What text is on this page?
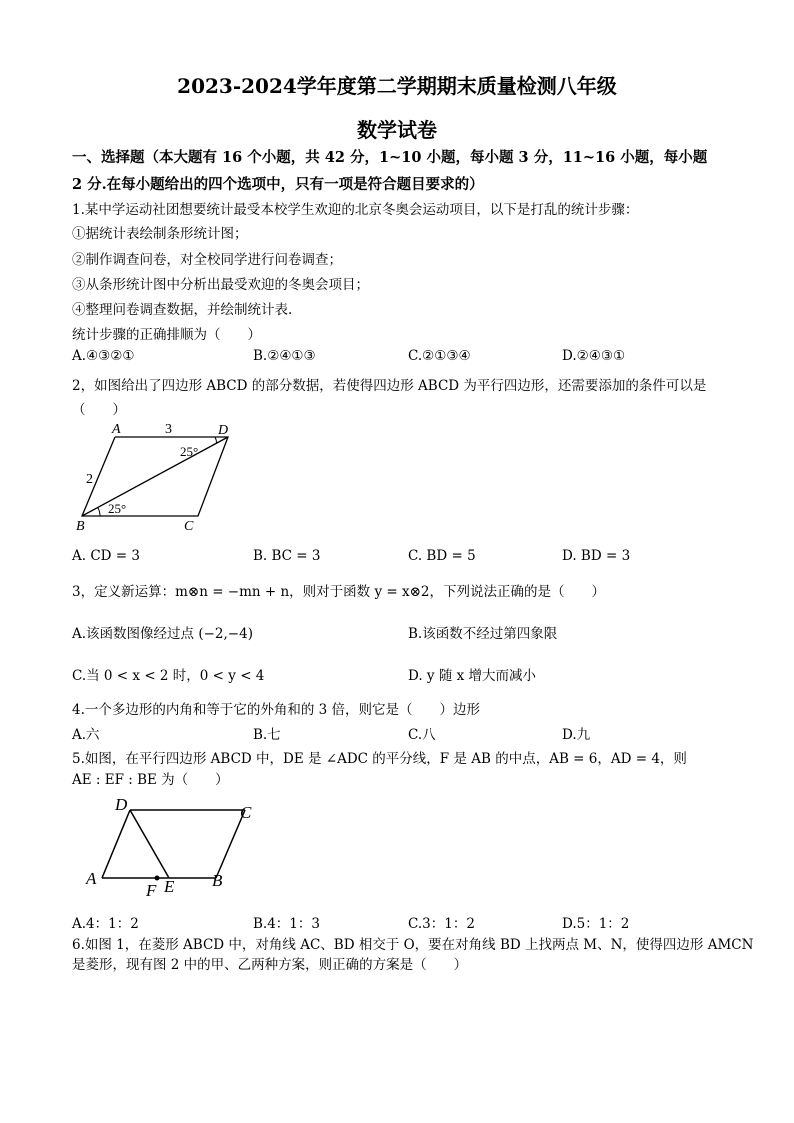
2023-2024学年度第二学期期末质量检测八年级
数学试卷
一、选择题（本大题有 16 个小题，共 42 分，1~10 小题，每小题 3 分，11~16 小题，每小题
2 分.在每小题给出的四个选项中，只有一项是符合题目要求的）
1.某中学运动社团想要统计最受本校学生欢迎的北京冬奥会运动项目，以下是打乱的统计步骤：
①据统计表绘制条形统计图；
②制作调查问卷，对全校同学进行问卷调查；
③从条形统计图中分析出最受欢迎的冬奥会项目；
④整理问卷调查数据，并绘制统计表.
统计步骤的正确排顺为（　　）
A.④③②①	B.②④①③	C.②①③④	D.②④③①
2，如图给出了四边形 ABCD 的部分数据，若使得四边形 ABCD 为平行四边形，还需要添加的条件可以是
（　　）
A	D
B	C
3
2
25°
25°
A. CD = 3	B. BC = 3	C. BD = 5	D. BD = 3
3，定义新运算：m⊗n = −mn + n，则对于函数 y = x⊗2，下列说法正确的是（　　）
A.该函数图像经过点 (−2,−4)	B.该函数不经过第四象限
C.当 0 < x < 2 时，0 < y < 4	D. y 随 x 增大而减小
4.一个多边形的内角和等于它的外角和的 3 倍，则它是（　　）边形
A.六	B.七	C.八	D.九
5.如图，在平行四边形 ABCD 中，DE 是 ∠ADC 的平分线，F 是 AB 的中点，AB = 6，AD = 4，则
AE : EF : BE 为（　　）
D	C
A	B
F E
A.4：1：2	B.4：1：3	C.3：1：2	D.5：1：2
6.如图 1，在菱形 ABCD 中，对角线 AC、BD 相交于 O，要在对角线 BD 上找两点 M、N，使得四边形 AMCN
是菱形，现有图 2 中的甲、乙两种方案，则正确的方案是（　　）
